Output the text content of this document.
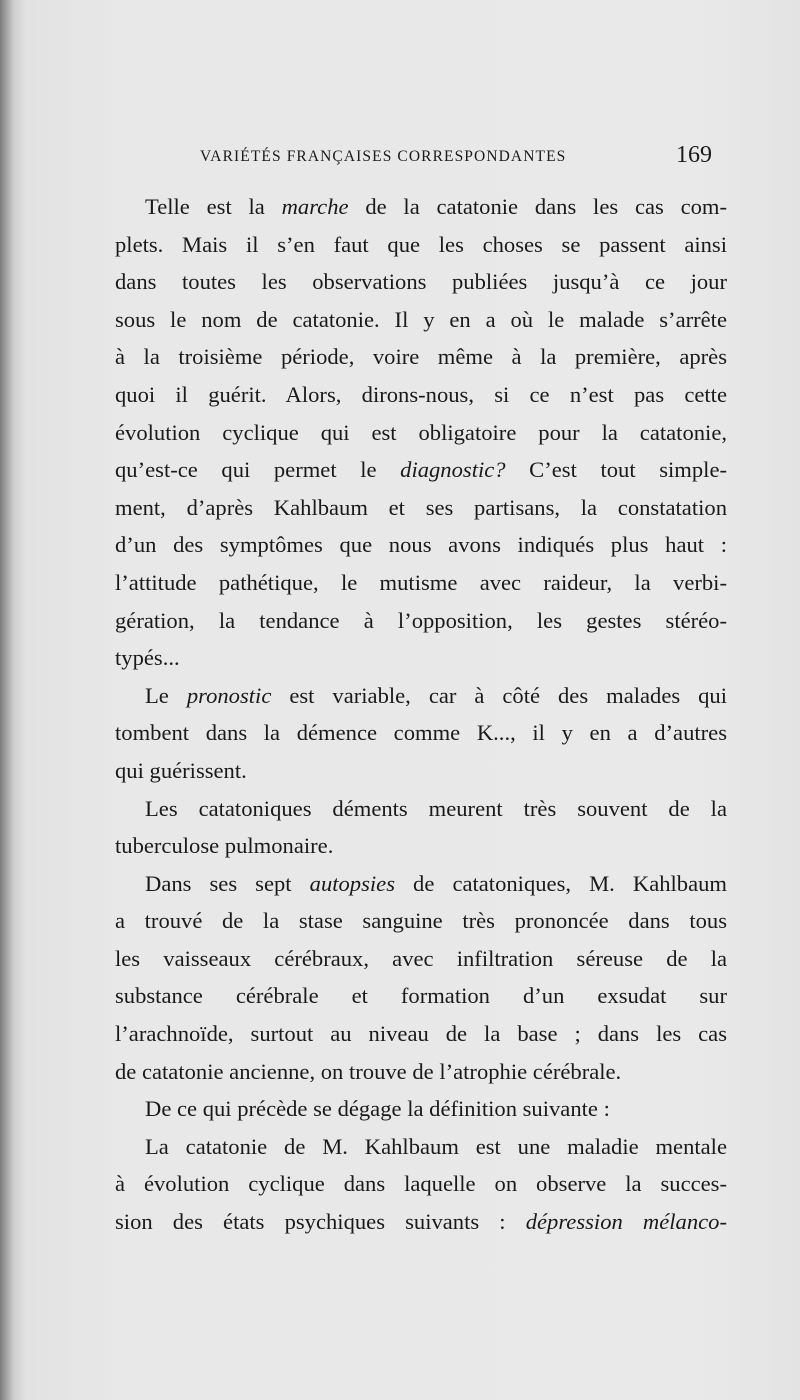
VARIÉTÉS FRANÇAISES CORRESPONDANTES	169
Telle est la marche de la catatonie dans les cas com-
plets. Mais il s’en faut que les choses se passent ainsi
dans toutes les observations publiées jusqu’à ce jour
sous le nom de catatonie. Il y en a où le malade s’arrête
à la troisième période, voire même à la première, après
quoi il guérit. Alors, dirons-nous, si ce n’est pas cette
évolution cyclique qui est obligatoire pour la catatonie,
qu’est-ce qui permet le diagnostic? C’est tout simple-
ment, d’après Kahlbaum et ses partisans, la constatation
d’un des symptômes que nous avons indiqués plus haut :
l’attitude pathétique, le mutisme avec raideur, la verbi-
gération, la tendance à l’opposition, les gestes stéréo-
typés...
Le pronostic est variable, car à côté des malades qui
tombent dans la démence comme K..., il y en a d’autres
qui guérissent.
Les catatoniques déments meurent très souvent de la
tuberculose pulmonaire.
Dans ses sept autopsies de catatoniques, M. Kahlbaum
a trouvé de la stase sanguine très prononcée dans tous
les vaisseaux cérébraux, avec infiltration séreuse de la
substance cérébrale et formation d’un exsudat sur
l’arachnoïde, surtout au niveau de la base ; dans les cas
de catatonie ancienne, on trouve de l’atrophie cérébrale.
De ce qui précède se dégage la définition suivante :
La catatonie de M. Kahlbaum est une maladie mentale
à évolution cyclique dans laquelle on observe la succes-
sion des états psychiques suivants : dépression mélanco-
